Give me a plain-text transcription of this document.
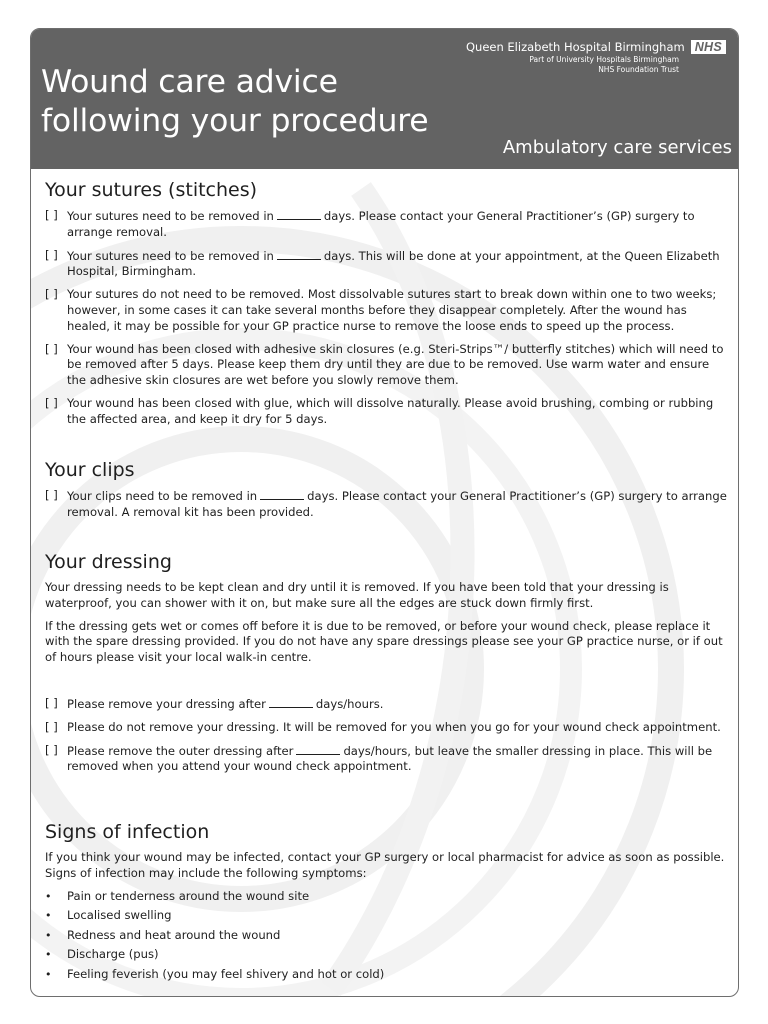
Wound care advice
following your procedure
Queen Elizabeth Hospital Birmingham NHS
Part of University Hospitals Birmingham
NHS Foundation Trust
Ambulatory care services
Your sutures (stitches)
[ ] Your sutures need to be removed in	days. Please contact your General Practitioner’s (GP) surgery to arrange removal.
[ ] Your sutures need to be removed in	days. This will be done at your appointment, at the Queen Elizabeth Hospital, Birmingham.
[ ] Your sutures do not need to be removed. Most dissolvable sutures start to break down within one to two weeks; however, in some cases it can take several months before they disappear completely. After the wound has healed, it may be possible for your GP practice nurse to remove the loose ends to speed up the process.
[ ] Your wound has been closed with adhesive skin closures (e.g. Steri-Strips™/ butterfly stitches) which will need to be removed after 5 days. Please keep them dry until they are due to be removed. Use warm water and ensure the adhesive skin closures are wet before you slowly remove them.
[ ] Your wound has been closed with glue, which will dissolve naturally. Please avoid brushing, combing or rubbing the affected area, and keep it dry for 5 days.
Your clips
[ ] Your clips need to be removed in	days. Please contact your General Practitioner’s (GP) surgery to arrange removal. A removal kit has been provided.
Your dressing

Your dressing needs to be kept clean and dry until it is removed. If you have been told that your dressing is waterproof, you can shower with it on, but make sure all the edges are stuck down firmly first.

If the dressing gets wet or comes off before it is due to be removed, or before your wound check, please replace it with the spare dressing provided. If you do not have any spare dressings please see your GP practice nurse, or if out of hours please visit your local walk-in centre.

[ ] Please remove your dressing after	days/hours.
[ ] Please do not remove your dressing. It will be removed for you when you go for your wound check appointment.
[ ] Please remove the outer dressing after	days/hours, but leave the smaller dressing in place. This will be removed when you attend your wound check appointment.
Signs of infection

If you think your wound may be infected, contact your GP surgery or local pharmacist for advice as soon as possible. Signs of infection may include the following symptoms:

•	Pain or tenderness around the wound site
•	Localised swelling
•	Redness and heat around the wound
•	Discharge (pus)
•	Feeling feverish (you may feel shivery and hot or cold)
